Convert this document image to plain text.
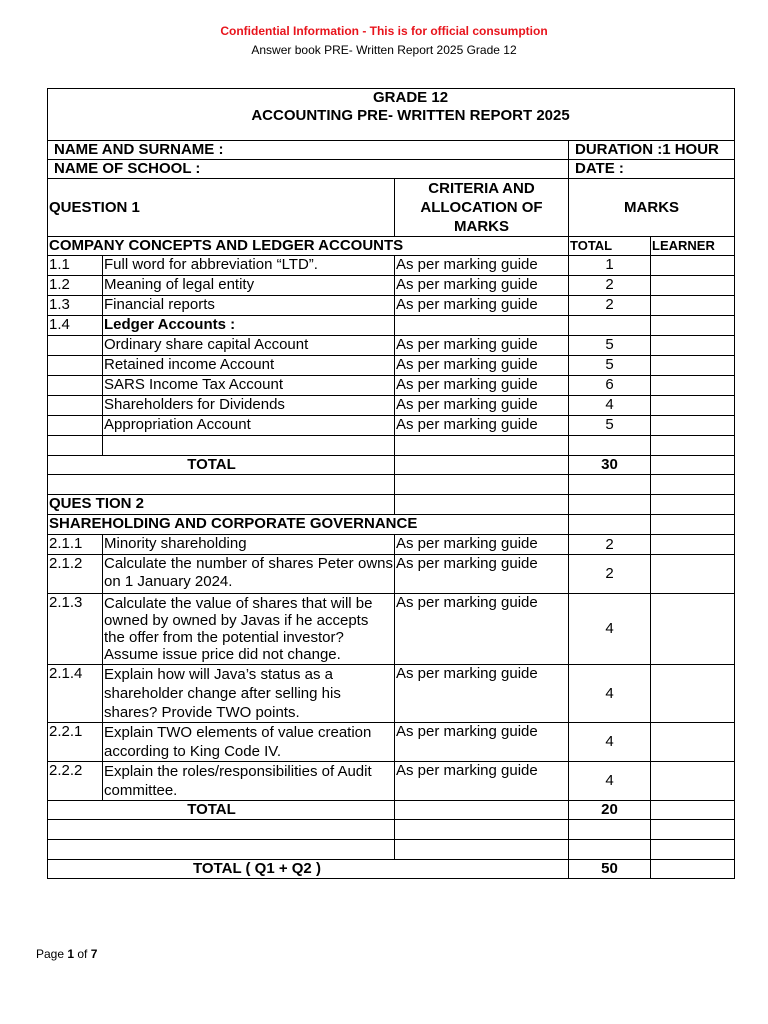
Confidential Information - This is for official consumption
Answer book PRE- Written Report 2025 Grade 12
GRADE 12
ACCOUNTING PRE- WRITTEN REPORT 2025				

NAME AND SURNAME :			DURATION :1 HOUR	
NAME OF SCHOOL :			DATE :	
QUESTION 1		CRITERIA AND ALLOCATION OF MARKS	MARKS	
COMPANY CONCEPTS AND LEDGER ACCOUNTS			TOTAL	LEARNER
1.1	Full word for abbreviation “LTD”.	As per marking guide	1	
1.2	Meaning of legal entity	As per marking guide	2	
1.3	Financial reports	As per marking guide	2	
1.4	Ledger Accounts :			
	Ordinary share capital Account	As per marking guide	5	
	Retained income Account	As per marking guide	5	
	SARS Income Tax Account	As per marking guide	6	
	Shareholders for Dividends	As per marking guide	4	
	Appropriation Account	As per marking guide	5	

TOTAL			30	

QUES TION 2				
SHAREHOLDING AND CORPORATE GOVERNANCE				
2.1.1	Minority shareholding	As per marking guide	2	
2.1.2	Calculate the number of shares Peter owns on 1 January 2024.	As per marking guide	2	
2.1.3	Calculate the value of shares that will be owned by owned by Javas if he accepts the offer from the potential investor? Assume issue price did not change.	As per marking guide	4	
2.1.4	Explain how will Java’s status as a shareholder change after selling his shares? Provide TWO points.	As per marking guide	4	
2.2.1	Explain TWO elements of value creation according to King Code IV.	As per marking guide	4	
2.2.2	Explain the roles/responsibilities of Audit committee.	As per marking guide	4	
TOTAL			20	

TOTAL ( Q1 + Q2 )			50	
Page 1 of 7
